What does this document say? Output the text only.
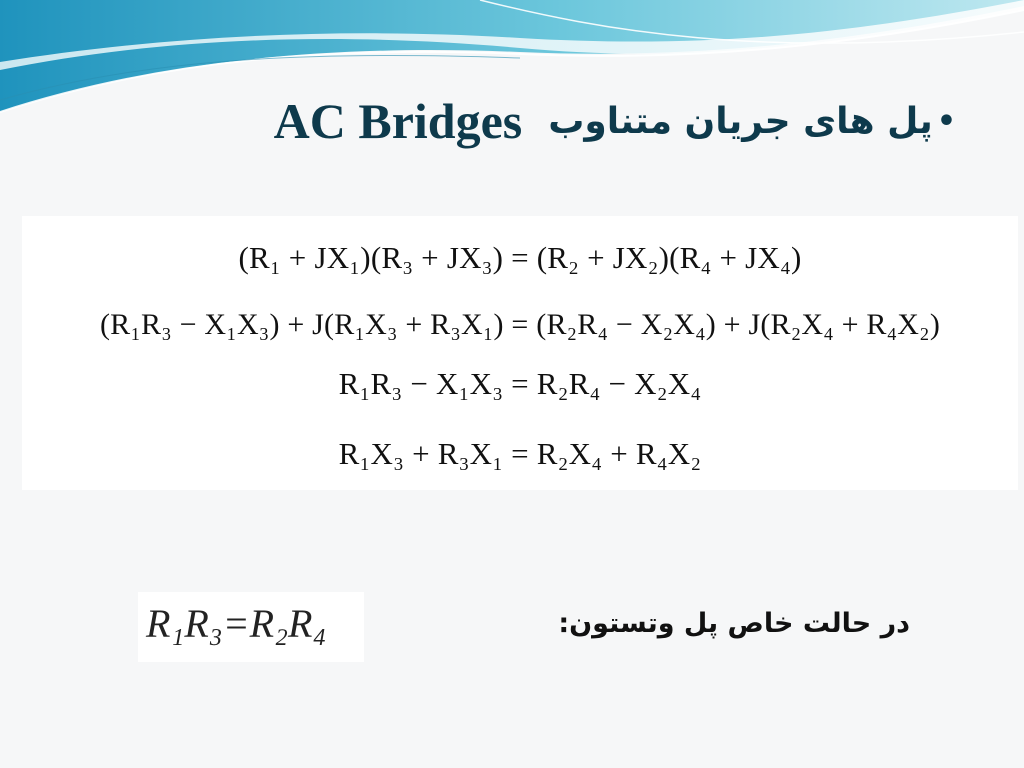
AC Bridges پل های جریان متناوب •
(R₁ + JX₁)(R₃ + JX₃) = (R₂ + JX₂)(R₄ + JX₄)
(R₁R₃ − X₁X₃) + J(R₁X₃ + R₃X₁) = (R₂R₄ − X₂X₄) + J(R₂X₄ + R₄X₂)
R₁R₃ − X₁X₃ = R₂R₄ − X₂X₄
R₁X₃ + R₃X₁ = R₂X₄ + R₄X₂
R₁R₃=R₂R₄	در حالت خاص پل وتستون:
